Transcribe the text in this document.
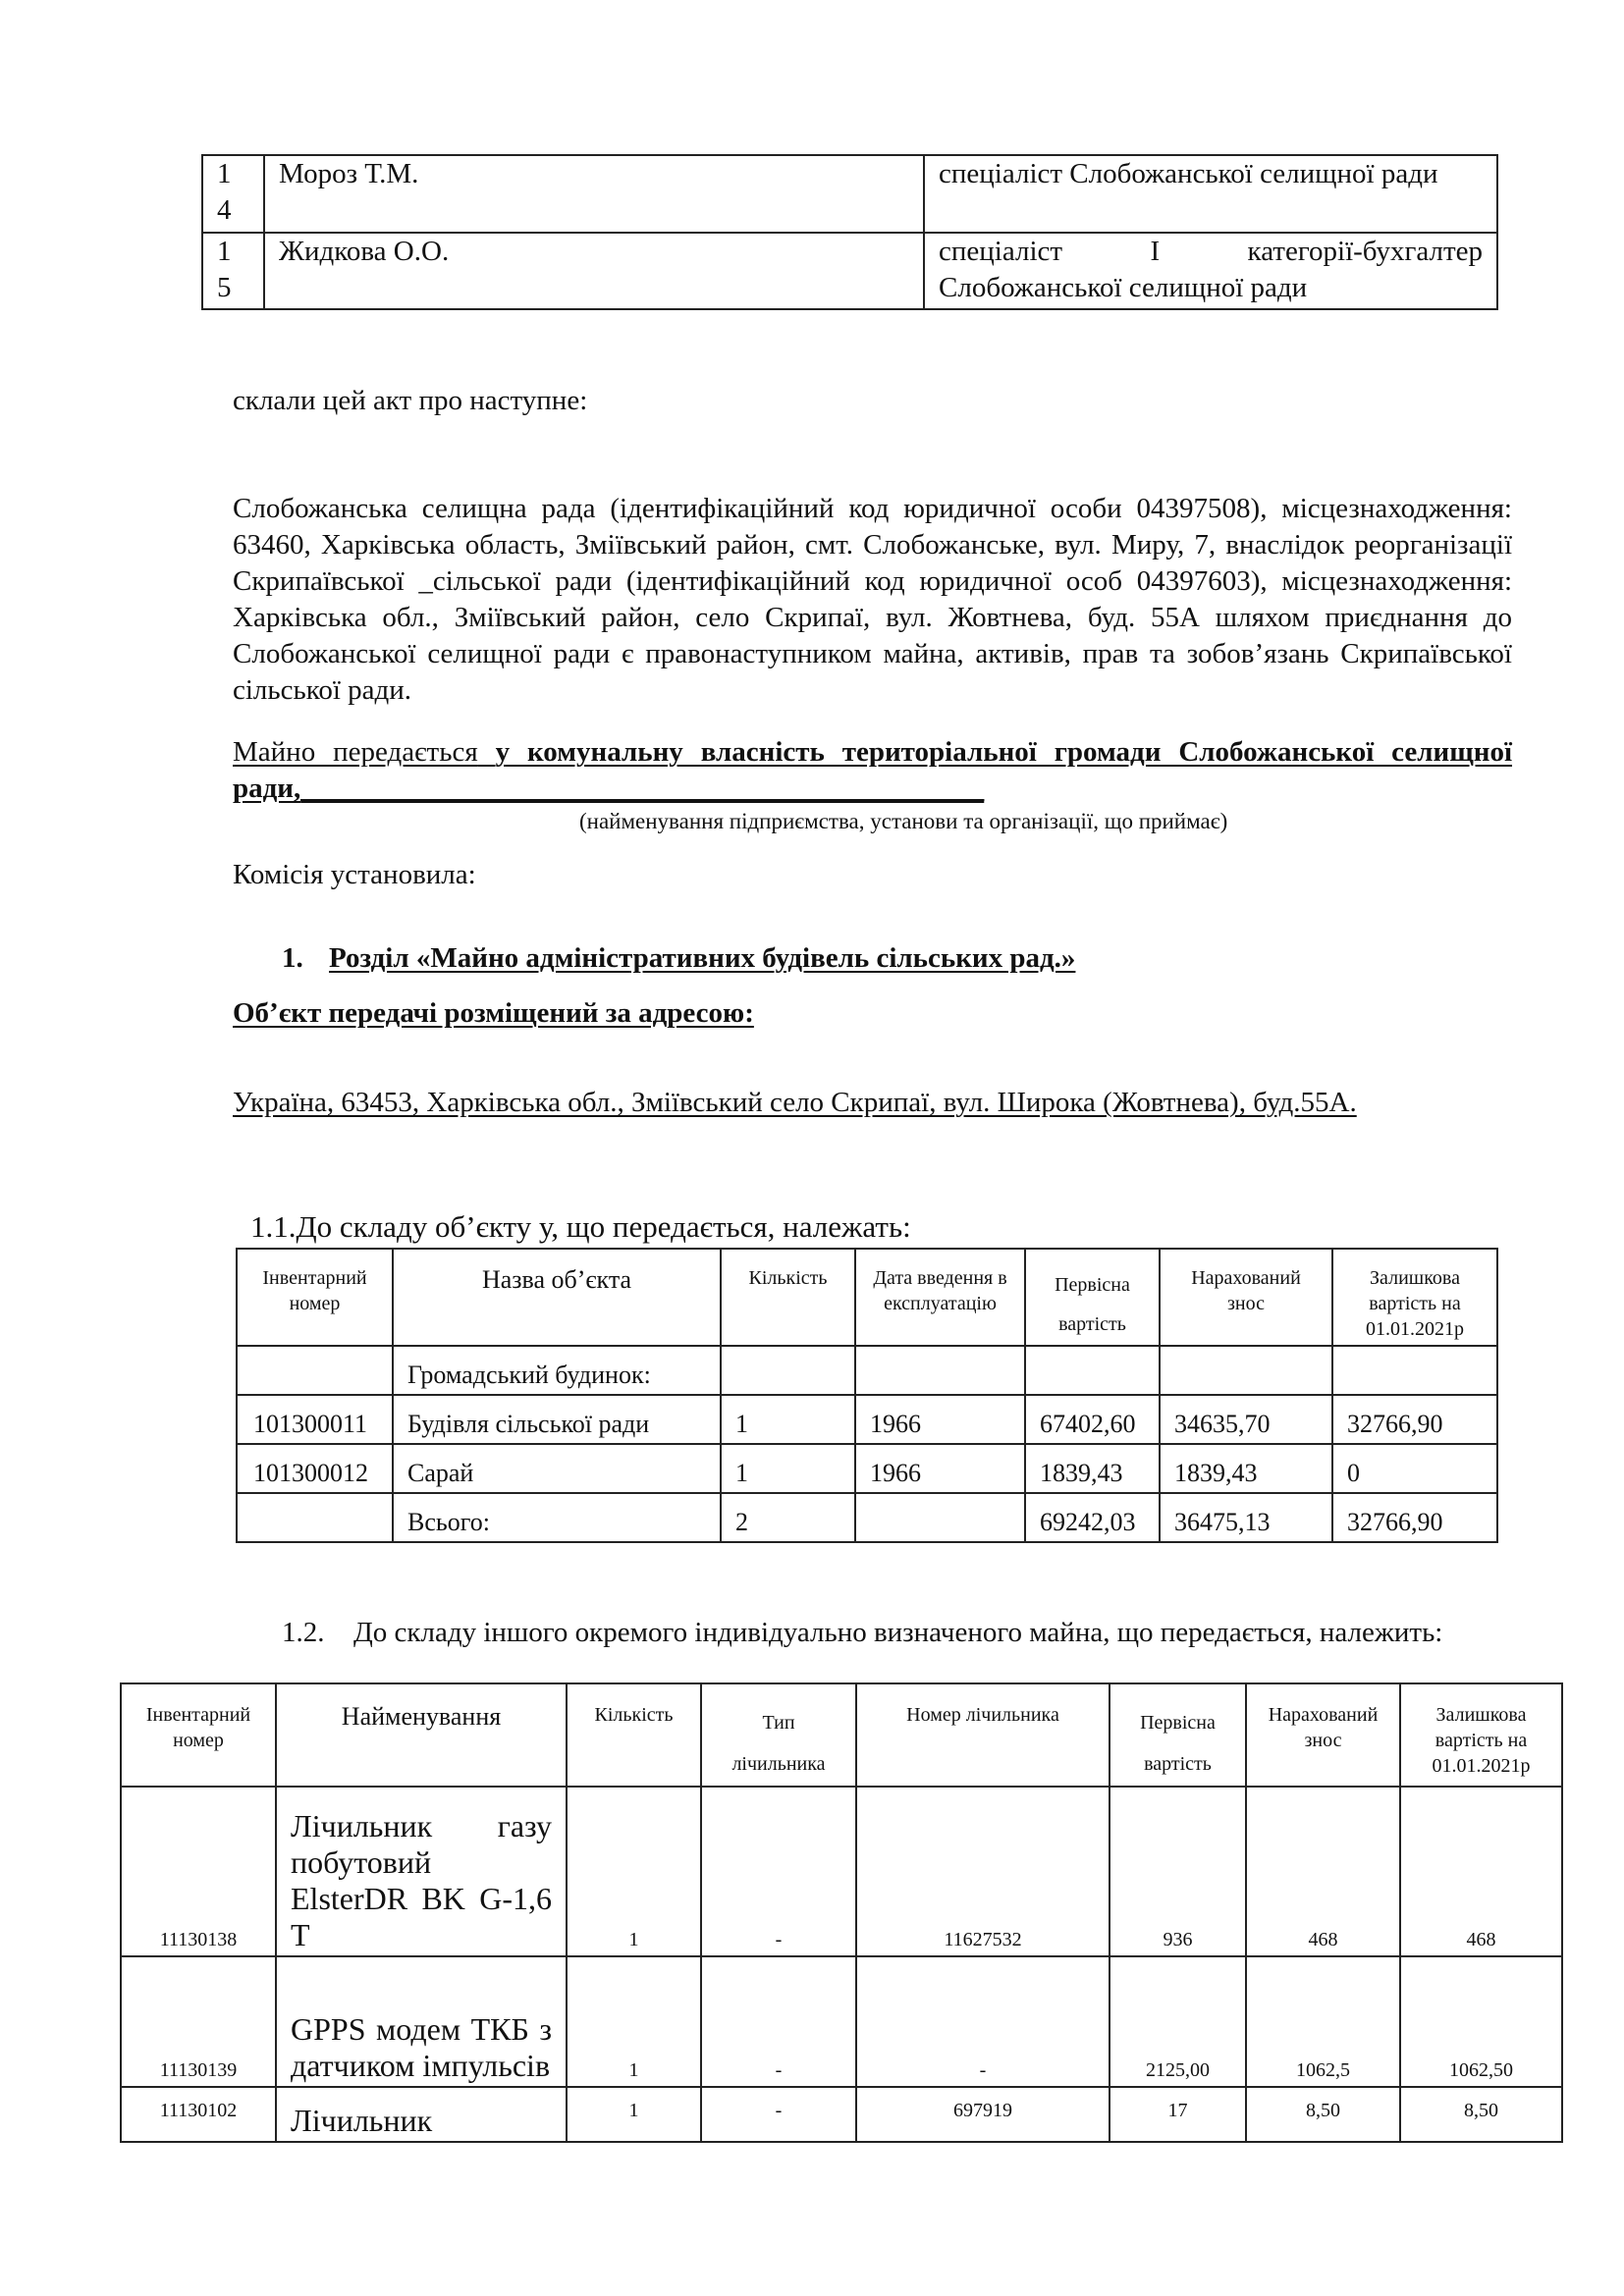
1 4	Мороз Т.М.	спеціаліст Слобожанської селищної ради

1 5	Жидкова О.О.	спеціаліст І категорії-бухгалтер Слобожанської селищної ради
склали цей акт про наступне:
Слобожанська селищна рада (ідентифікаційний код юридичної особи 04397508), місцезнаходження: 63460, Харківська область, Зміївський район, смт. Слобожанське, вул. Миру, 7, внаслідок реорганізації Скрипаївської _сільської ради (ідентифікаційний код юридичної особ 04397603), місцезнаходження: Харківська обл., Зміївський район, село Скрипаї, вул. Жовтнева, буд. 55А шляхом приєднання до Слобожанської селищної ради є правонаступником майна, активів, прав та зобов’язань Скрипаївської сільської ради.
Майно передається у комунальну власність територіальної громади Слобожанської селищної ради,________________________________________________
(найменування підприємства, установи та організації, що приймає)
Комісія установила:
1. Розділ «Майно адміністративних будівель сільських рад.»
Об’єкт передачі розміщений за адресою:
Україна, 63453, Харківська обл., Зміївський село Скрипаї, вул. Широка (Жовтнева), буд.55А.
1.1.До складу об’єкту у, що передається, належать:
Інвентарний номер	Назва об’єкта	Кількість	Дата введення в експлуатацію	Первісна вартість	Нарахований знос	Залишкова вартість на 01.01.2021р
	Громадський будинок:					
101300011	Будівля сільської ради	1	1966	67402,60	34635,70	32766,90
101300012	Сарай	1	1966	1839,43	1839,43	0
	Всього:	2		69242,03	36475,13	32766,90
1.2. До складу іншого окремого індивідуально визначеного майна, що передається, належить:
Інвентарний номер	Найменування	Кількість	Тип лічильника	Номер лічильника	Первісна вартість	Нарахований знос	Залишкова вартість на 01.01.2021р
11130138	Лічильник газу побутовий ElsterDR BK G-1,6 Т	1	-	11627532	936	468	468
11130139	GPPS модем ТКБ з датчиком імпульсів	1	-	-	2125,00	1062,5	1062,50
11130102	Лічильник	1	-	697919	17	8,50	8,50
